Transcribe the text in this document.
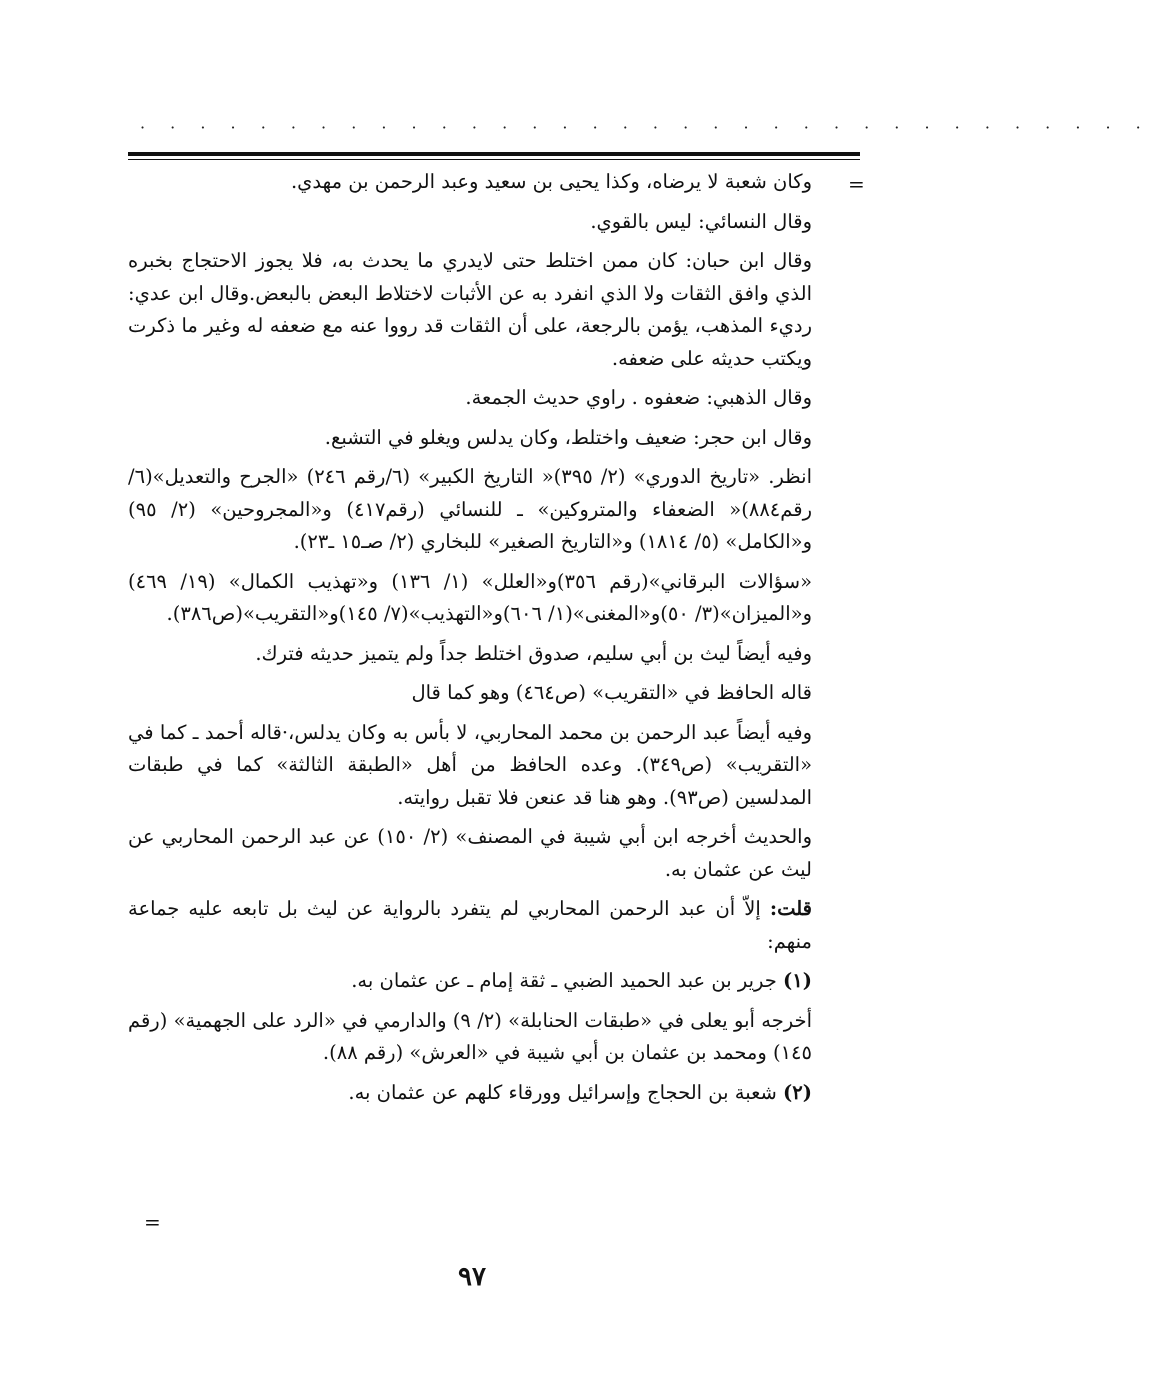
· · · · · · · · · · · · · · · · · · · · · · · · · · · · · · · · · ·
=
=

وكان شعبة لا يرضاه، وكذا يحيى بن سعيد وعبد الرحمن بن مهدي.

وقال النسائي: ليس بالقوي.

وقال ابن حبان: كان ممن اختلط حتى لايدري ما يحدث به، فلا يجوز الاحتجاج بخبره الذي وافق الثقات ولا الذي انفرد به عن الأثبات لاختلاط البعض بالبعض.وقال ابن عدي: رديء المذهب، يؤمن بالرجعة، على أن الثقات قد رووا عنه مع ضعفه له وغير ما ذكرت ويكتب حديثه على ضعفه.

وقال الذهبي: ضعفوه . راوي حديث الجمعة.

وقال ابن حجر: ضعيف واختلط، وكان يدلس ويغلو في التشبع.

انظر. «تاريخ الدوري» (٢/ ٣٩٥)« التاريخ الكبير» (٦/رقم ٢٤٦) «الجرح والتعديل»(٦/رقم٨٨٤)« الضعفاء والمتروكين» ـ للنسائي (رقم٤١٧) و«المجروحين» (٢/ ٩٥) و«الكامل» (٥/ ١٨١٤) و«التاريخ الصغير» للبخاري (٢/ صـ١٥ ـ٢٣).

«سؤالات البرقاني»(رقم ٣٥٦)و«العلل» (١/ ١٣٦) و«تهذيب الكمال» (١٩/ ٤٦٩) و«الميزان»(٣/ ٥٠)و«المغنى»(١/ ٦٠٦)و«التهذيب»(٧/ ١٤٥)و«التقريب»(ص٣٨٦).

وفيه أيضاً ليث بن أبي سليم، صدوق اختلط جداً ولم يتميز حديثه فترك.

قاله الحافظ في «التقريب» (ص٤٦٤) وهو كما قال

وفيه أيضاً عبد الرحمن بن محمد المحاربي، لا بأس به وكان يدلس،·قاله أحمد ـ كما في «التقريب» (ص٣٤٩). وعده الحافظ من أهل «الطبقة الثالثة» كما في طبقات المدلسين (ص٩٣). وهو هنا قد عنعن فلا تقبل روايته.

والحديث أخرجه ابن أبي شيبة في المصنف» (٢/ ١٥٠) عن عبد الرحمن المحاربي عن ليث عن عثمان به.

قلت: إلاّ أن عبد الرحمن المحاربي لم يتفرد بالرواية عن ليث بل تابعه عليه جماعة منهم:

(١) جرير بن عبد الحميد الضبي ـ ثقة إمام ـ عن عثمان به.

أخرجه أبو يعلى في «طبقات الحنابلة» (٢/ ٩) والدارمي في «الرد على الجهمية» (رقم ١٤٥) ومحمد بن عثمان بن أبي شيبة في «العرش» (رقم ٨٨).

(٢) شعبة بن الحجاج وإسرائيل وورقاء كلهم عن عثمان به.

٩٧
